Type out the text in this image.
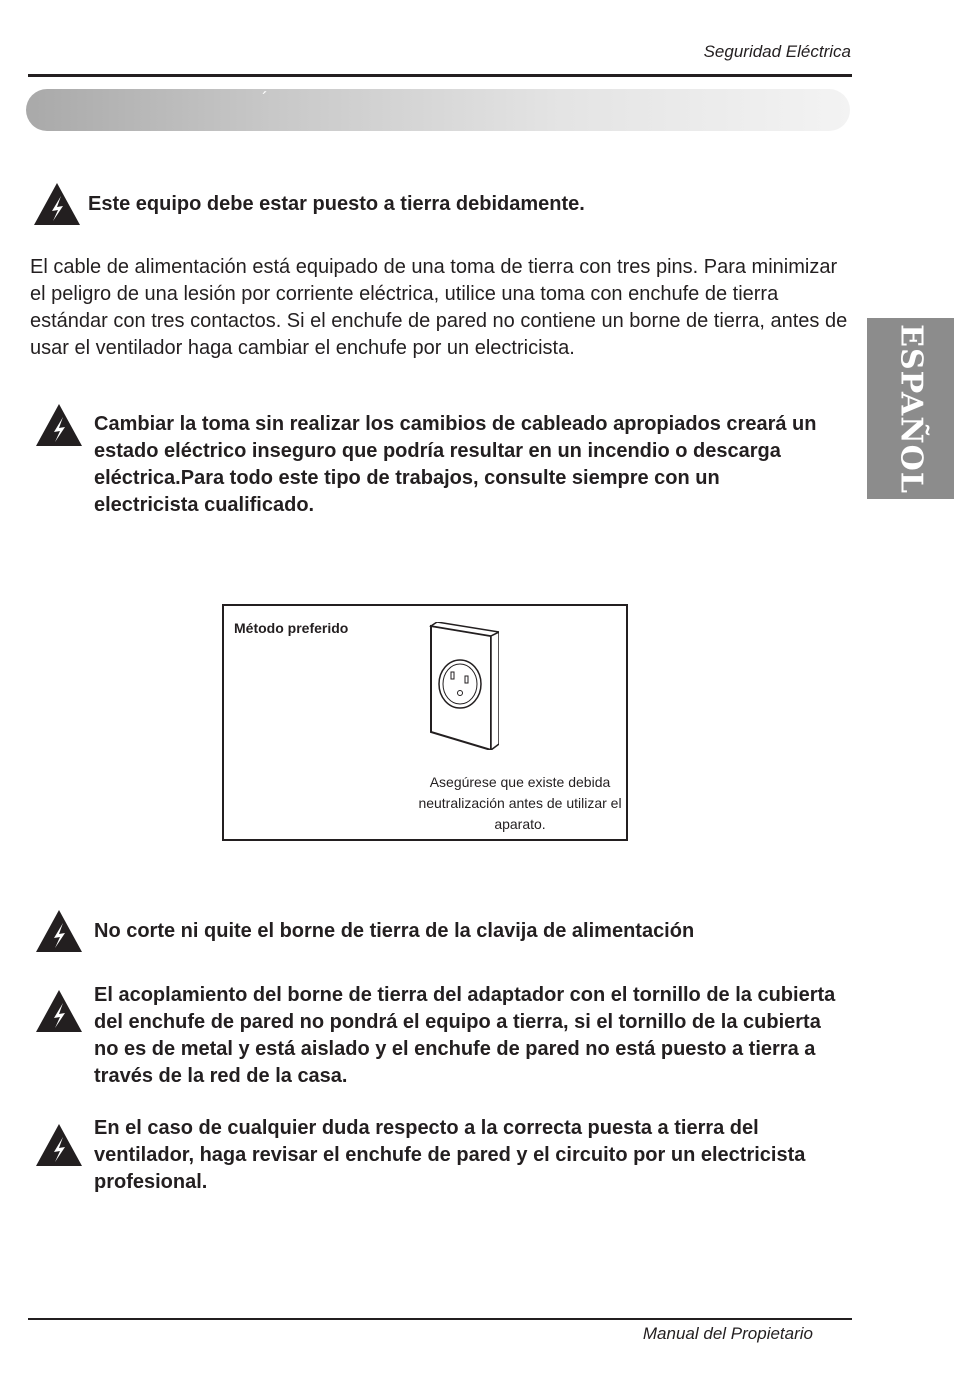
Seguridad Eléctrica
´
ESPAÑOL
Este equipo debe estar puesto a tierra debidamente.
El cable de alimentación está equipado de una toma de tierra con tres pins. Para minimizar el peligro de una lesión por corriente eléctrica, utilice una toma con enchufe de tierra estándar con tres contactos. Si el enchufe de pared no contiene un borne de tierra, antes de usar el ventilador haga cambiar el enchufe por un electricista.
Cambiar la toma sin realizar los camibios de cableado apropiados creará un estado eléctrico inseguro que podría resultar en un incendio o descarga eléctrica.Para todo este tipo de trabajos, consulte siempre con un electricista cualificado.
Método preferido
Asegúrese que existe debida neutralización antes de utilizar el aparato.
No corte ni quite el borne de tierra de la clavija de alimentación
El acoplamiento del borne de tierra del adaptador con el tornillo de la cubierta del enchufe de pared no pondrá el equipo a tierra, si el tornillo de la cubierta no es de metal y está aislado y el enchufe de pared no está puesto a tierra a través de la red de la casa.
En el caso de cualquier duda respecto a la correcta puesta a tierra del ventilador, haga revisar el enchufe de pared y el circuito por un electricista profesional.
Manual del Propietario
